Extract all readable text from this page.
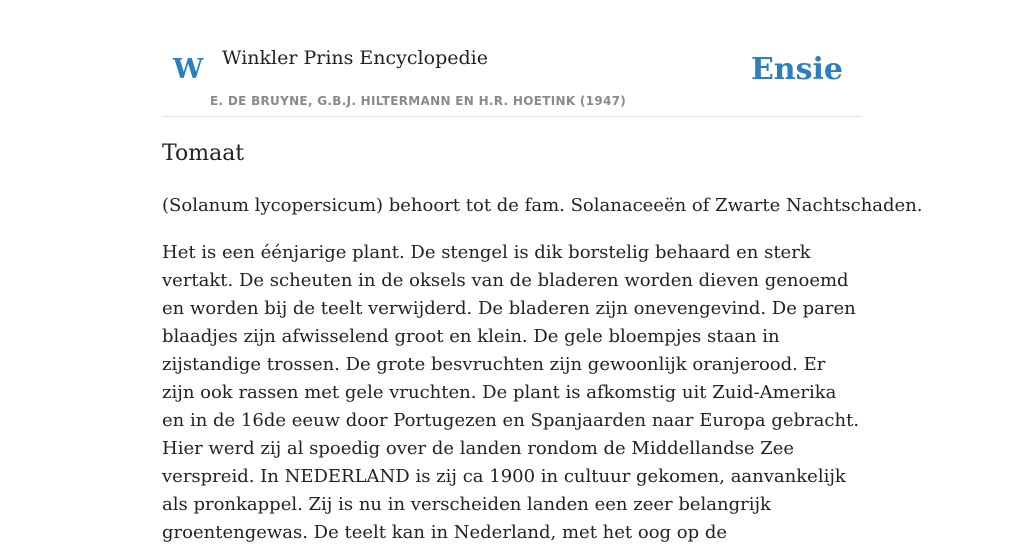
W Winkler Prins Encyclopedie
E. DE BRUYNE, G.B.J. HILTERMANN EN H.R. HOETINK (1947)
Ensie
Tomaat

(Solanum lycopersicum) behoort tot de fam. Solanaceeën of Zwarte Nachtschaden.

Het is een éénjarige plant. De stengel is dik borstelig behaard en sterk vertakt. De scheuten in de oksels van de bladeren worden dieven genoemd en worden bij de teelt verwijderd. De bladeren zijn onevengevind. De paren blaadjes zijn afwisselend groot en klein. De gele bloempjes staan in zijstandige trossen. De grote besvruchten zijn gewoonlijk oranjerood. Er zijn ook rassen met gele vruchten. De plant is afkomstig uit Zuid-Amerika en in de 16de eeuw door Portugezen en Spanjaarden naar Europa gebracht. Hier werd zij al spoedig over de landen rondom de Middellandse Zee verspreid. In NEDERLAND is zij ca 1900 in cultuur gekomen, aanvankelijk als pronkappel. Zij is nu in verscheiden landen een zeer belangrijk groentengewas. De teelt kan in Nederland, met het oog op de
